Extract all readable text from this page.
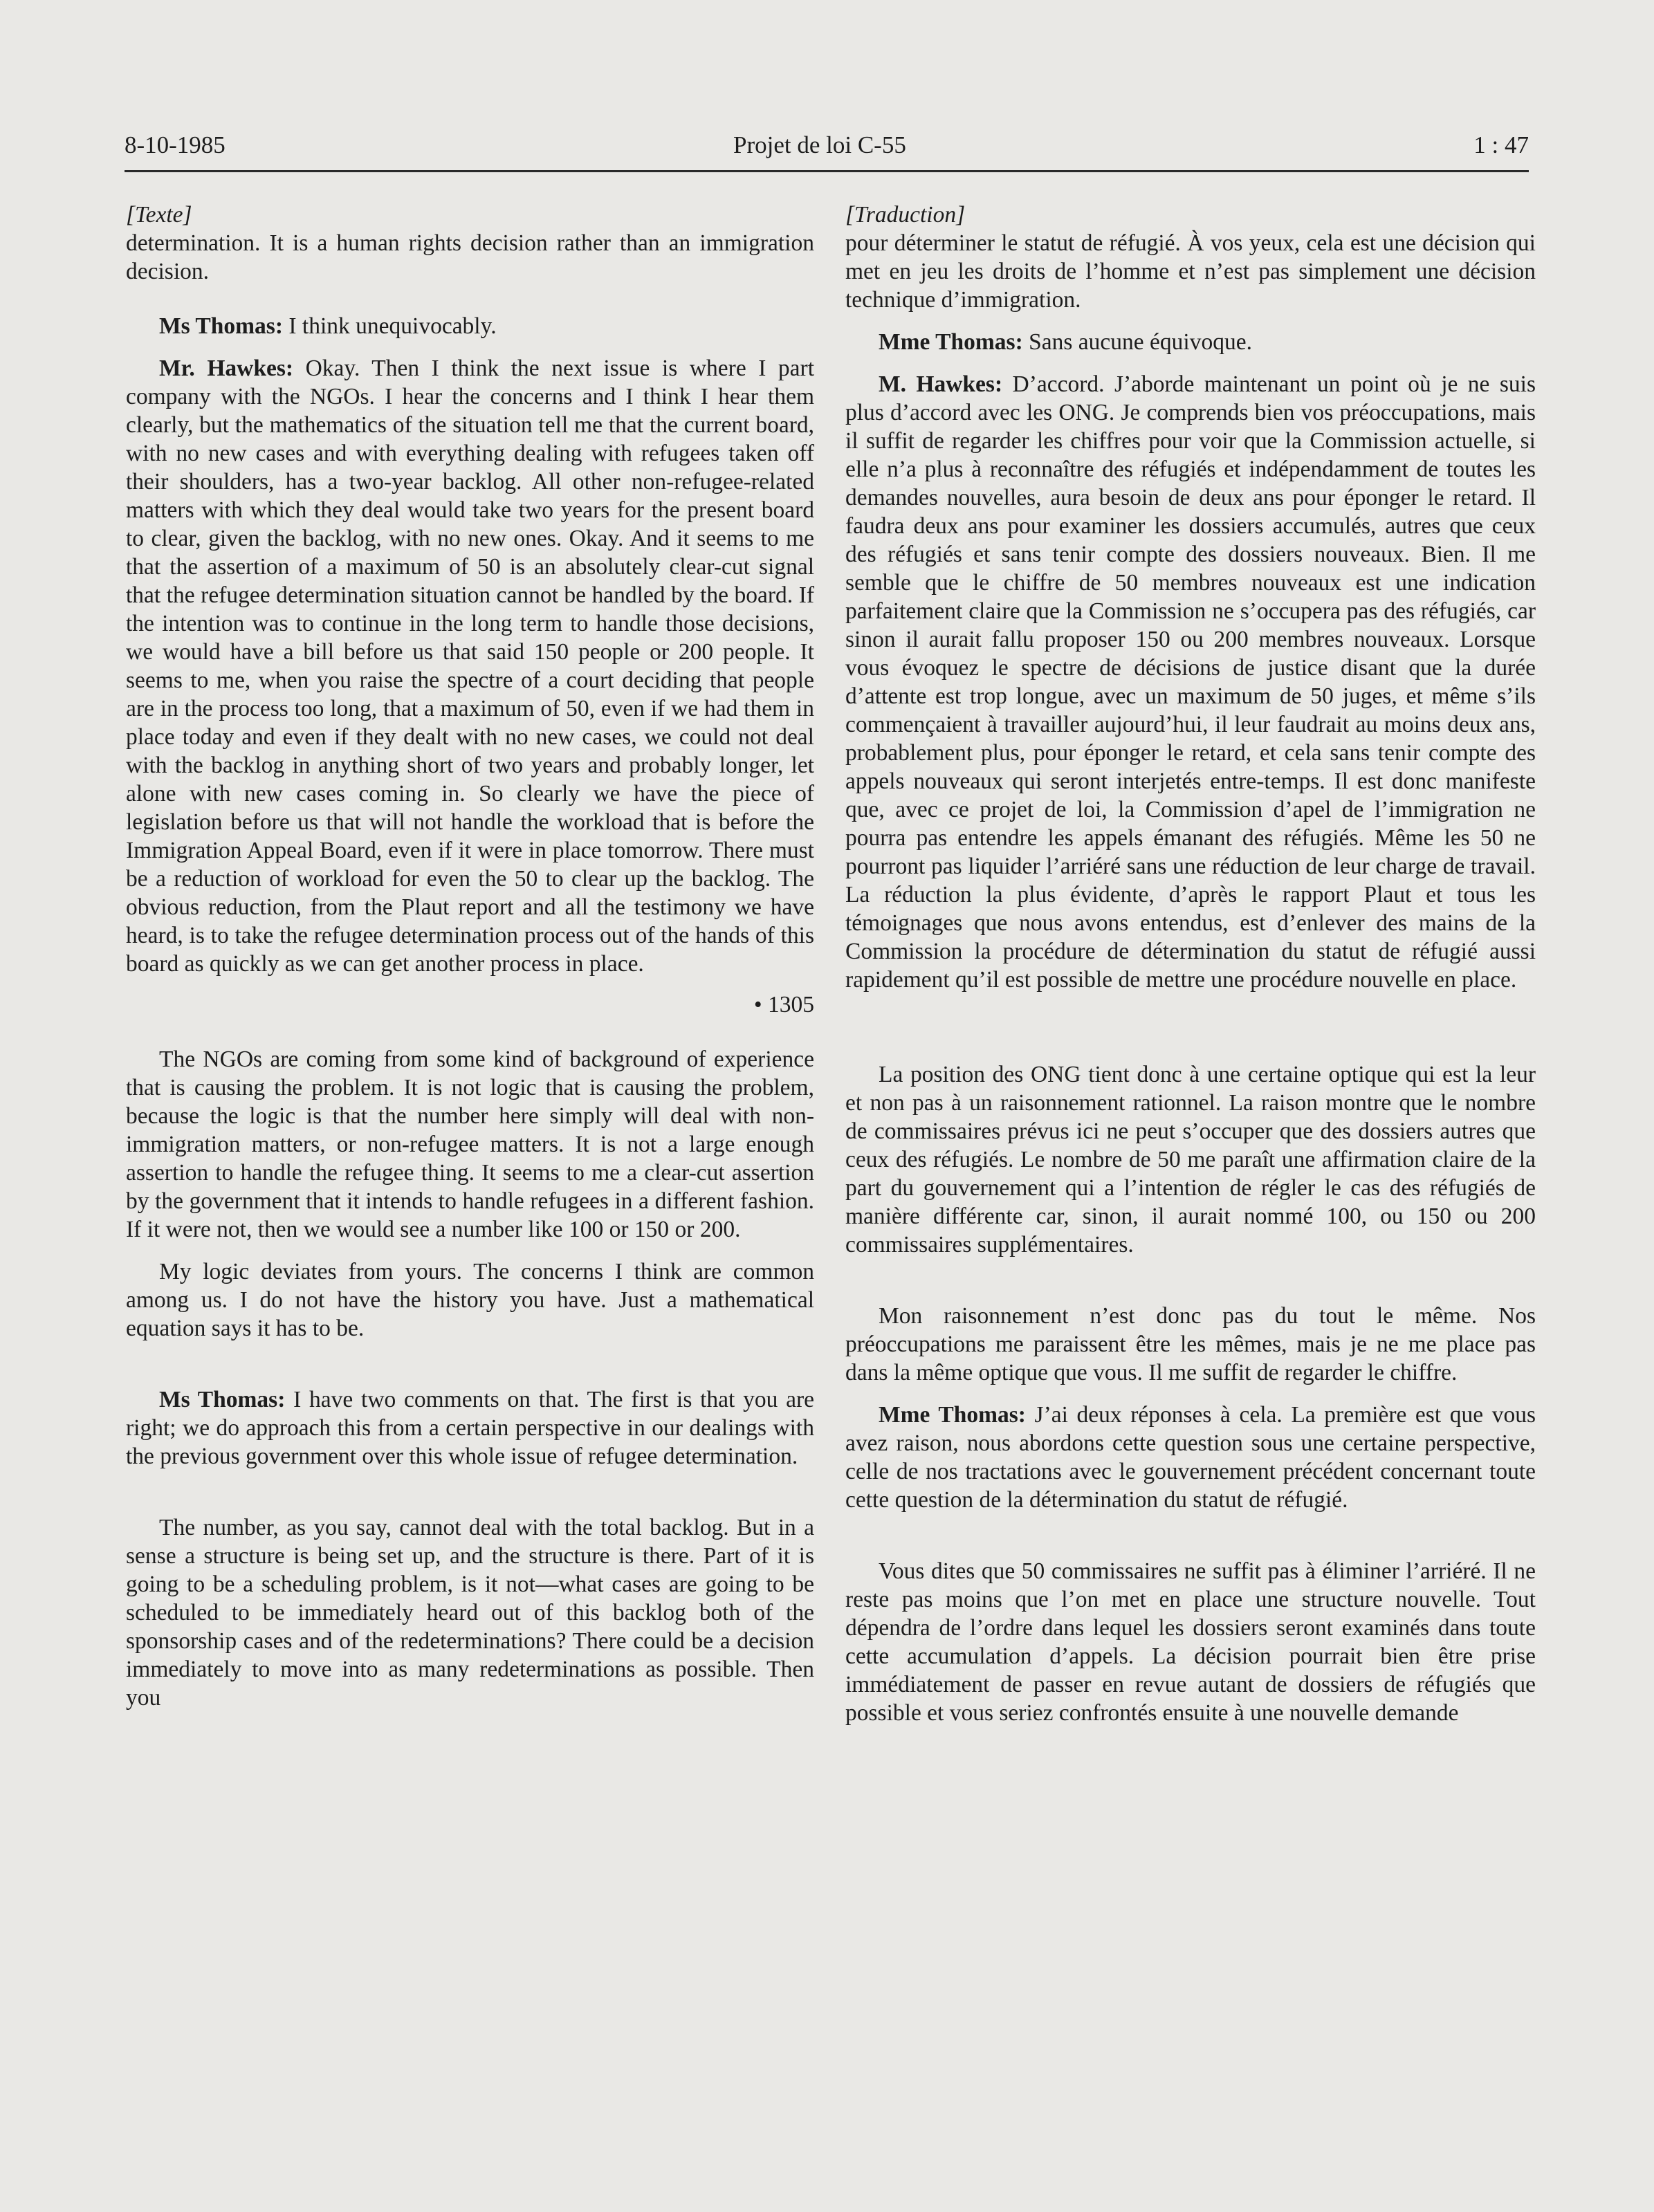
8-10-1985	Projet de loi C-55	1 : 47

[Texte]

determination. It is a human rights decision rather than an immigration decision.

Ms Thomas: I think unequivocably.

Mr. Hawkes: Okay. Then I think the next issue is where I part company with the NGOs. I hear the concerns and I think I hear them clearly, but the mathematics of the situation tell me that the current board, with no new cases and with everything dealing with refugees taken off their shoulders, has a two-year backlog. All other non-refugee-related matters with which they deal would take two years for the present board to clear, given the backlog, with no new ones. Okay. And it seems to me that the assertion of a maximum of 50 is an absolutely clear-cut signal that the refugee determination situation cannot be handled by the board. If the intention was to continue in the long term to handle those decisions, we would have a bill before us that said 150 people or 200 people. It seems to me, when you raise the spectre of a court deciding that people are in the process too long, that a maximum of 50, even if we had them in place today and even if they dealt with no new cases, we could not deal with the backlog in anything short of two years and probably longer, let alone with new cases coming in. So clearly we have the piece of legislation before us that will not handle the workload that is before the Immigration Appeal Board, even if it were in place tomorrow. There must be a reduction of workload for even the 50 to clear up the backlog. The obvious reduction, from the Plaut report and all the testimony we have heard, is to take the refugee determination process out of the hands of this board as quickly as we can get another process in place.

• 1305

The NGOs are coming from some kind of background of experience that is causing the problem. It is not logic that is causing the problem, because the logic is that the number here simply will deal with non-immigration matters, or non-refugee matters. It is not a large enough assertion to handle the refugee thing. It seems to me a clear-cut assertion by the government that it intends to handle refugees in a different fashion. If it were not, then we would see a number like 100 or 150 or 200.

My logic deviates from yours. The concerns I think are common among us. I do not have the history you have. Just a mathematical equation says it has to be.

Ms Thomas: I have two comments on that. The first is that you are right; we do approach this from a certain perspective in our dealings with the previous government over this whole issue of refugee determination.

The number, as you say, cannot deal with the total backlog. But in a sense a structure is being set up, and the structure is there. Part of it is going to be a scheduling problem, is it not—what cases are going to be scheduled to be immediately heard out of this backlog both of the sponsorship cases and of the redeterminations? There could be a decision immediately to move into as many redeterminations as possible. Then you

[Traduction]

pour déterminer le statut de réfugié. À vos yeux, cela est une décision qui met en jeu les droits de l’homme et n’est pas simplement une décision technique d’immigration.

Mme Thomas: Sans aucune équivoque.

M. Hawkes: D’accord. J’aborde maintenant un point où je ne suis plus d’accord avec les ONG. Je comprends bien vos préoccupations, mais il suffit de regarder les chiffres pour voir que la Commission actuelle, si elle n’a plus à reconnaître des réfugiés et indépendamment de toutes les demandes nouvelles, aura besoin de deux ans pour éponger le retard. Il faudra deux ans pour examiner les dossiers accumulés, autres que ceux des réfugiés et sans tenir compte des dossiers nouveaux. Bien. Il me semble que le chiffre de 50 membres nouveaux est une indication parfaitement claire que la Commission ne s’occupera pas des réfugiés, car sinon il aurait fallu proposer 150 ou 200 membres nouveaux. Lorsque vous évoquez le spectre de décisions de justice disant que la durée d’attente est trop longue, avec un maximum de 50 juges, et même s’ils commençaient à travailler aujourd’hui, il leur faudrait au moins deux ans, probablement plus, pour éponger le retard, et cela sans tenir compte des appels nouveaux qui seront interjetés entre-temps. Il est donc manifeste que, avec ce projet de loi, la Commission d’apel de l’immigration ne pourra pas entendre les appels émanant des réfugiés. Même les 50 ne pourront pas liquider l’arriéré sans une réduction de leur charge de travail. La réduction la plus évidente, d’après le rapport Plaut et tous les témoignages que nous avons entendus, est d’enlever des mains de la Commission la procédure de détermination du statut de réfugié aussi rapidement qu’il est possible de mettre une procédure nouvelle en place.

La position des ONG tient donc à une certaine optique qui est la leur et non pas à un raisonnement rationnel. La raison montre que le nombre de commissaires prévus ici ne peut s’occuper que des dossiers autres que ceux des réfugiés. Le nombre de 50 me paraît une affirmation claire de la part du gouvernement qui a l’intention de régler le cas des réfugiés de manière différente car, sinon, il aurait nommé 100, ou 150 ou 200 commissaires supplémentaires.

Mon raisonnement n’est donc pas du tout le même. Nos préoccupations me paraissent être les mêmes, mais je ne me place pas dans la même optique que vous. Il me suffit de regarder le chiffre.

Mme Thomas: J’ai deux réponses à cela. La première est que vous avez raison, nous abordons cette question sous une certaine perspective, celle de nos tractations avec le gouvernement précédent concernant toute cette question de la détermination du statut de réfugié.

Vous dites que 50 commissaires ne suffit pas à éliminer l’arriéré. Il ne reste pas moins que l’on met en place une structure nouvelle. Tout dépendra de l’ordre dans lequel les dossiers seront examinés dans toute cette accumulation d’appels. La décision pourrait bien être prise immédiatement de passer en revue autant de dossiers de réfugiés que possible et vous seriez confrontés ensuite à une nouvelle demande
